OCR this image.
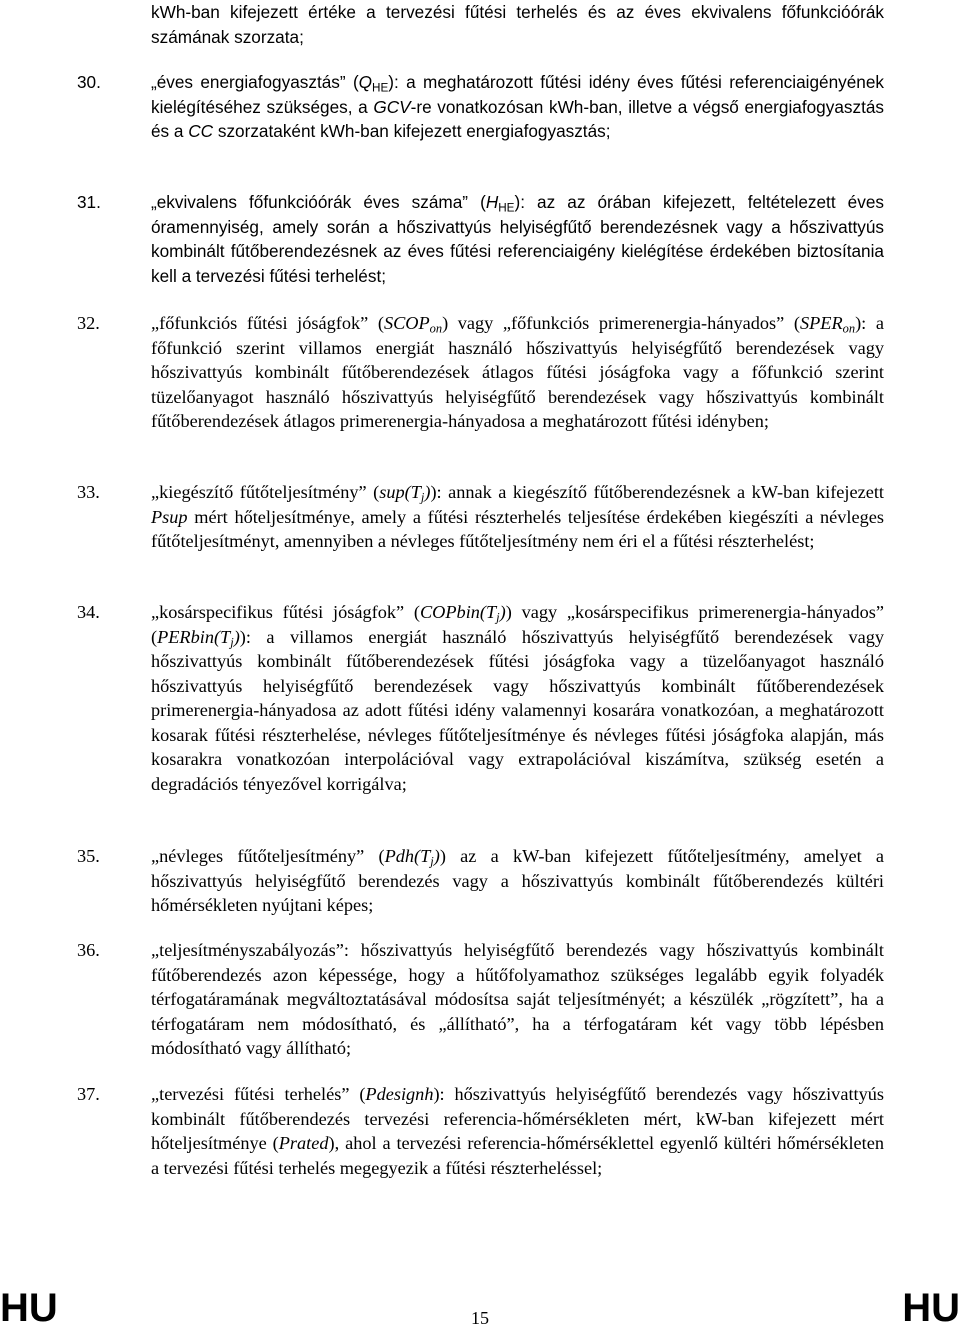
kWh-ban kifejezett értéke a tervezési fűtési terhelés és az éves ekvivalens főfunkcióórák számának szorzata;
30.	„éves energiafogyasztás” $(Q_{HE})$: a meghatározott fűtési idény éves fűtési referenciaigényének kielégítéséhez szükséges, a GCV-re vonatkozósan kWh-ban, illetve a végső energiafogyasztás és a CC szorzataként kWh-ban kifejezett energiafogyasztás;
31.	„ekvivalens főfunkcióórák éves száma” $(H_{HE})$: az az órában kifejezett, feltételezett éves óramennyiség, amely során a hőszivattyús helyiségfűtő berendezésnek vagy a hőszivattyús kombinált fűtőberendezésnek az éves fűtési referenciaigény kielégítése érdekében biztosítania kell a tervezési fűtési terhelést;
32.	„főfunkciós fűtési jóságfok” $(SCOP_{on})$ vagy „főfunkciós primerenergia-hányados” $(SPER_{on})$: a főfunkció szerint villamos energiát használó hőszivattyús helyiségfűtő berendezések vagy hőszivattyús kombinált fűtőberendezések átlagos fűtési jóságfoka vagy a főfunkció szerint tüzelőanyagot használó hőszivattyús helyiségfűtő berendezések vagy hőszivattyús kombinált fűtőberendezések átlagos primerenergia-hányadosa a meghatározott fűtési idényben;
33.	„kiegészítő fűtőteljesítmény” $(sup(T_j))$: annak a kiegészítő fűtőberendezésnek a kW-ban kifejezett Psup mért hőteljesítménye, amely a fűtési részterhelés teljesítése érdekében kiegészíti a névleges fűtőteljesítményt, amennyiben a névleges fűtőteljesítmény nem éri el a fűtési részterhelést;
34.	„kosárspecifikus fűtési jóságfok” $(COPbin(T_j))$ vagy „kosárspecifikus primerenergia-hányados” $(PERbin(T_j))$: a villamos energiát használó hőszivattyús helyiségfűtő berendezések vagy hőszivattyús kombinált fűtőberendezések fűtési jóságfoka vagy a tüzelőanyagot használó hőszivattyús helyiségfűtő berendezések vagy hőszivattyús kombinált fűtőberendezések primerenergia-hányadosa az adott fűtési idény valamennyi kosarára vonatkozóan, a meghatározott kosarak fűtési részterhelése, névleges fűtőteljesítménye és névleges fűtési jóságfoka alapján, más kosarakra vonatkozóan interpolációval vagy extrapolációval kiszámítva, szükség esetén a degradációs tényezővel korrigálva;
35.	„névleges fűtőteljesítmény” $(Pdh(T_j))$ az a kW-ban kifejezett fűtőteljesítmény, amelyet a hőszivattyús helyiségfűtő berendezés vagy a hőszivattyús kombinált fűtőberendezés kültéri hőmérsékleten nyújtani képes;
36.	„teljesítményszabályozás”: hőszivattyús helyiségfűtő berendezés vagy hőszivattyús kombinált fűtőberendezés azon képessége, hogy a hűtőfolyamathoz szükséges legalább egyik folyadék térfogatáramának megváltoztatásával módosítsa saját teljesítményét; a készülék „rögzített”, ha a térfogatáram nem módosítható, és „állítható”, ha a térfogatáram két vagy több lépésben módosítható vagy állítható;
37.	„tervezési fűtési terhelés” (Pdesignh): hőszivattyús helyiségfűtő berendezés vagy hőszivattyús kombinált fűtőberendezés tervezési referencia-hőmérsékleten mért, kW-ban kifejezett mért hőteljesítménye (Prated), ahol a tervezési referencia-hőmérséklettel egyenlő kültéri hőmérsékleten a tervezési fűtési terhelés megegyezik a fűtési részterheléssel;
HU	15	HU
